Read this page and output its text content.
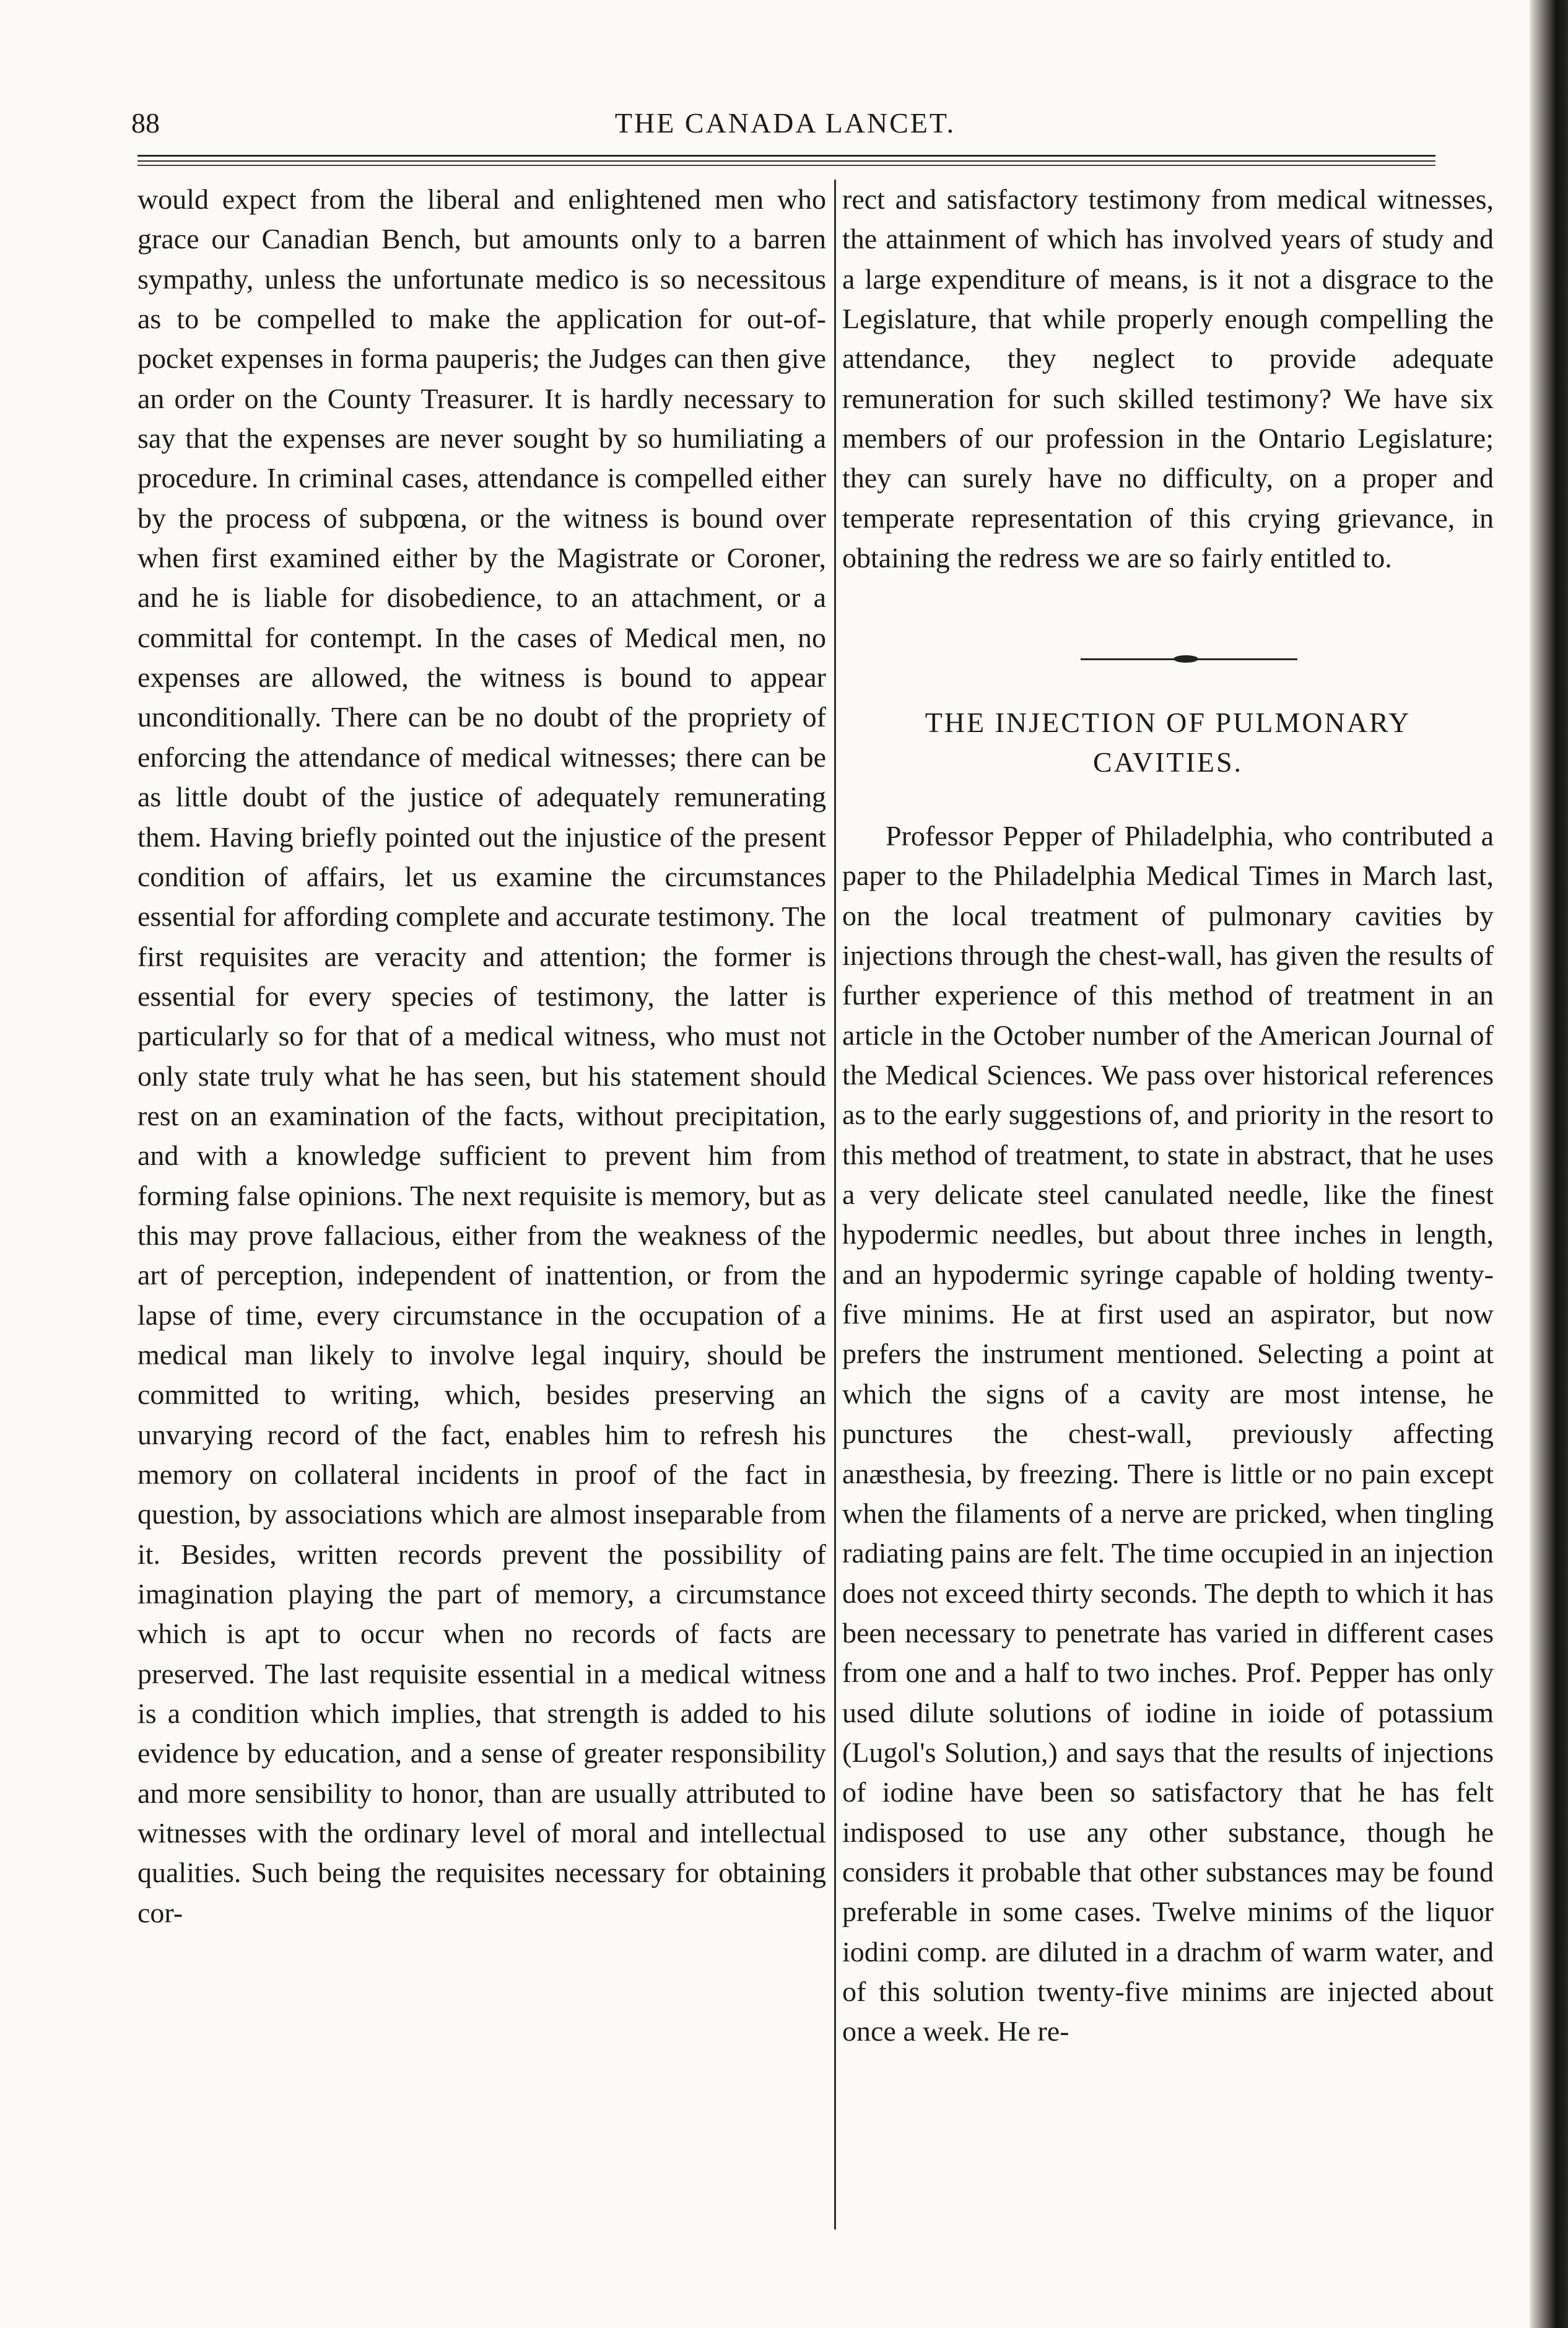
88	THE CANADA LANCET.

would expect from the liberal and enlightened men who grace our Canadian Bench, but amounts only to a barren sympathy, unless the unfortunate medico is so necessitous as to be compelled to make the application for out-of-pocket expenses in forma pauperis; the Judges can then give an order on the County Treasurer. It is hardly necessary to say that the expenses are never sought by so humiliating a procedure. In criminal cases, attendance is compelled either by the process of subpœna, or the witness is bound over when first examined either by the Magistrate or Coroner, and he is liable for disobedience, to an attachment, or a committal for contempt. In the cases of Medical men, no expenses are allowed, the witness is bound to appear unconditionally. There can be no doubt of the propriety of enforcing the attendance of medical witnesses; there can be as little doubt of the justice of adequately remunerating them. Having briefly pointed out the injustice of the present condition of affairs, let us examine the circumstances essential for affording complete and accurate testimony. The first requisites are veracity and attention; the former is essential for every species of testimony, the latter is particularly so for that of a medical witness, who must not only state truly what he has seen, but his statement should rest on an examination of the facts, without precipitation, and with a knowledge sufficient to prevent him from forming false opinions. The next requisite is memory, but as this may prove fallacious, either from the weakness of the art of perception, independent of inattention, or from the lapse of time, every circumstance in the occupation of a medical man likely to involve legal inquiry, should be committed to writing, which, besides preserving an unvarying record of the fact, enables him to refresh his memory on collateral incidents in proof of the fact in question, by associations which are almost inseparable from it. Besides, written records prevent the possibility of imagination playing the part of memory, a circumstance which is apt to occur when no records of facts are preserved. The last requisite essential in a medical witness is a condition which implies, that strength is added to his evidence by education, and a sense of greater responsibility and more sensibility to honor, than are usually attributed to witnesses with the ordinary level of moral and intellectual qualities. Such being the requisites necessary for obtaining cor-

rect and satisfactory testimony from medical witnesses, the attainment of which has involved years of study and a large expenditure of means, is it not a disgrace to the Legislature, that while properly enough compelling the attendance, they neglect to provide adequate remuneration for such skilled testimony? We have six members of our profession in the Ontario Legislature; they can surely have no difficulty, on a proper and temperate representation of this crying grievance, in obtaining the redress we are so fairly entitled to.

THE INJECTION OF PULMONARY
CAVITIES.

Professor Pepper of Philadelphia, who contributed a paper to the Philadelphia Medical Times in March last, on the local treatment of pulmonary cavities by injections through the chest-wall, has given the results of further experience of this method of treatment in an article in the October number of the American Journal of the Medical Sciences. We pass over historical references as to the early suggestions of, and priority in the resort to this method of treatment, to state in abstract, that he uses a very delicate steel canulated needle, like the finest hypodermic needles, but about three inches in length, and an hypodermic syringe capable of holding twenty-five minims. He at first used an aspirator, but now prefers the instrument mentioned. Selecting a point at which the signs of a cavity are most intense, he punctures the chest-wall, previously affecting anæsthesia, by freezing. There is little or no pain except when the filaments of a nerve are pricked, when tingling radiating pains are felt. The time occupied in an injection does not exceed thirty seconds. The depth to which it has been necessary to penetrate has varied in different cases from one and a half to two inches. Prof. Pepper has only used dilute solutions of iodine in ioide of potassium (Lugol's Solution,) and says that the results of injections of iodine have been so satisfactory that he has felt indisposed to use any other substance, though he considers it probable that other substances may be found preferable in some cases. Twelve minims of the liquor iodini comp. are diluted in a drachm of warm water, and of this solution twenty-five minims are injected about once a week. He re-
